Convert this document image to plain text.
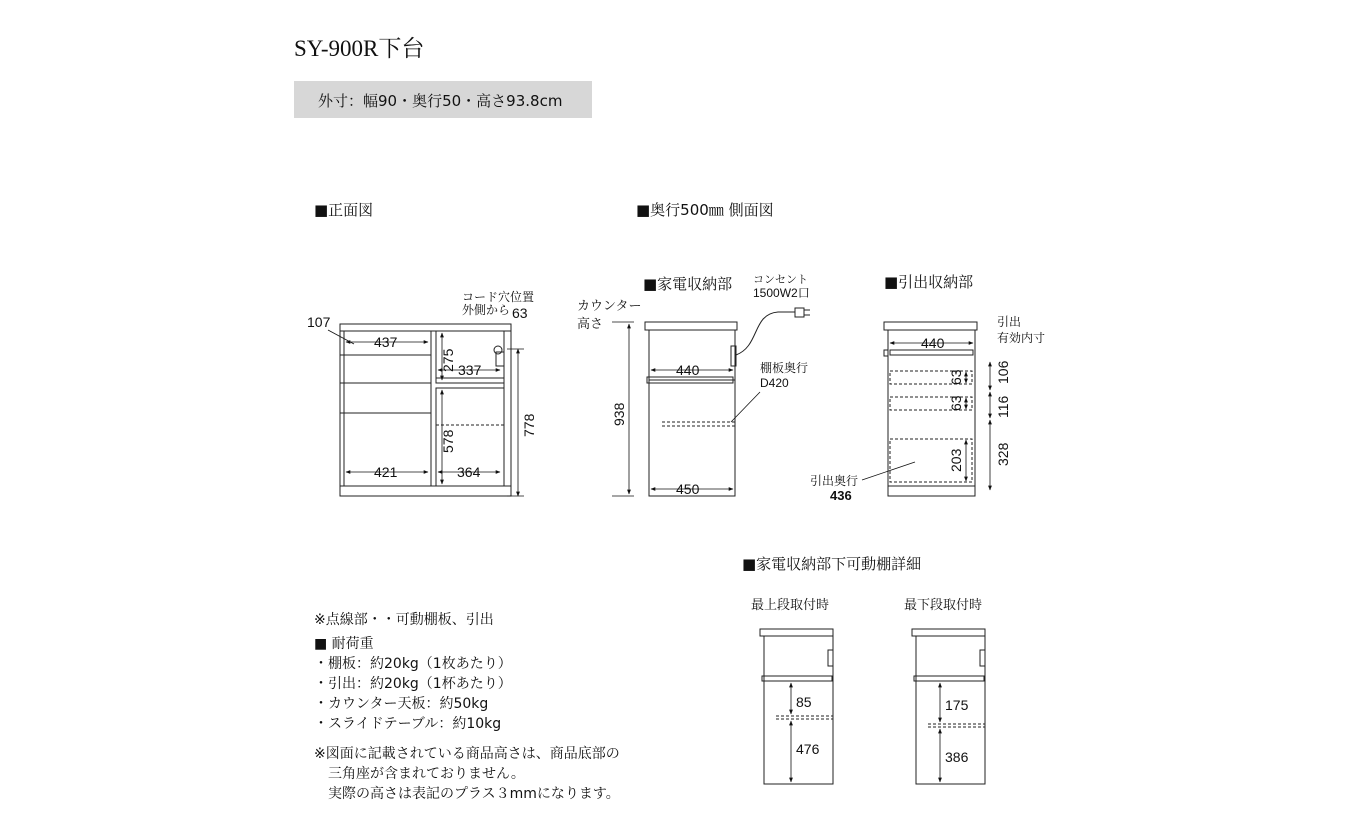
SY-900R下台
外寸：幅90・奥行50・高さ93.8cm
■正面図	■奥行500㎜ 側面図
■家電収納部	■引出収納部
■家電収納部下可動棚詳細
最上段取付時	最下段取付時
※点線部・・可動棚板、引出
■ 耐荷重
・棚板：約20kg（1枚あたり）
・引出：約20kg（1杯あたり）
・カウンター天板：約50kg
・スライドテーブル：約10kg
※図面に記載されている商品高さは、商品底部の
　三角座が含まれておりません。
　実際の高さは表記のプラス３mmになります。
107
437
337
421	364
63
275
578
778
コード穴位置
外側から
コンセント
1500W2口
カウンター
高さ
938
440
450
棚板奥行
D420
440
63
63
203
106
116
328
引出
有効内寸
引出奥行
436
85
476
175
386
